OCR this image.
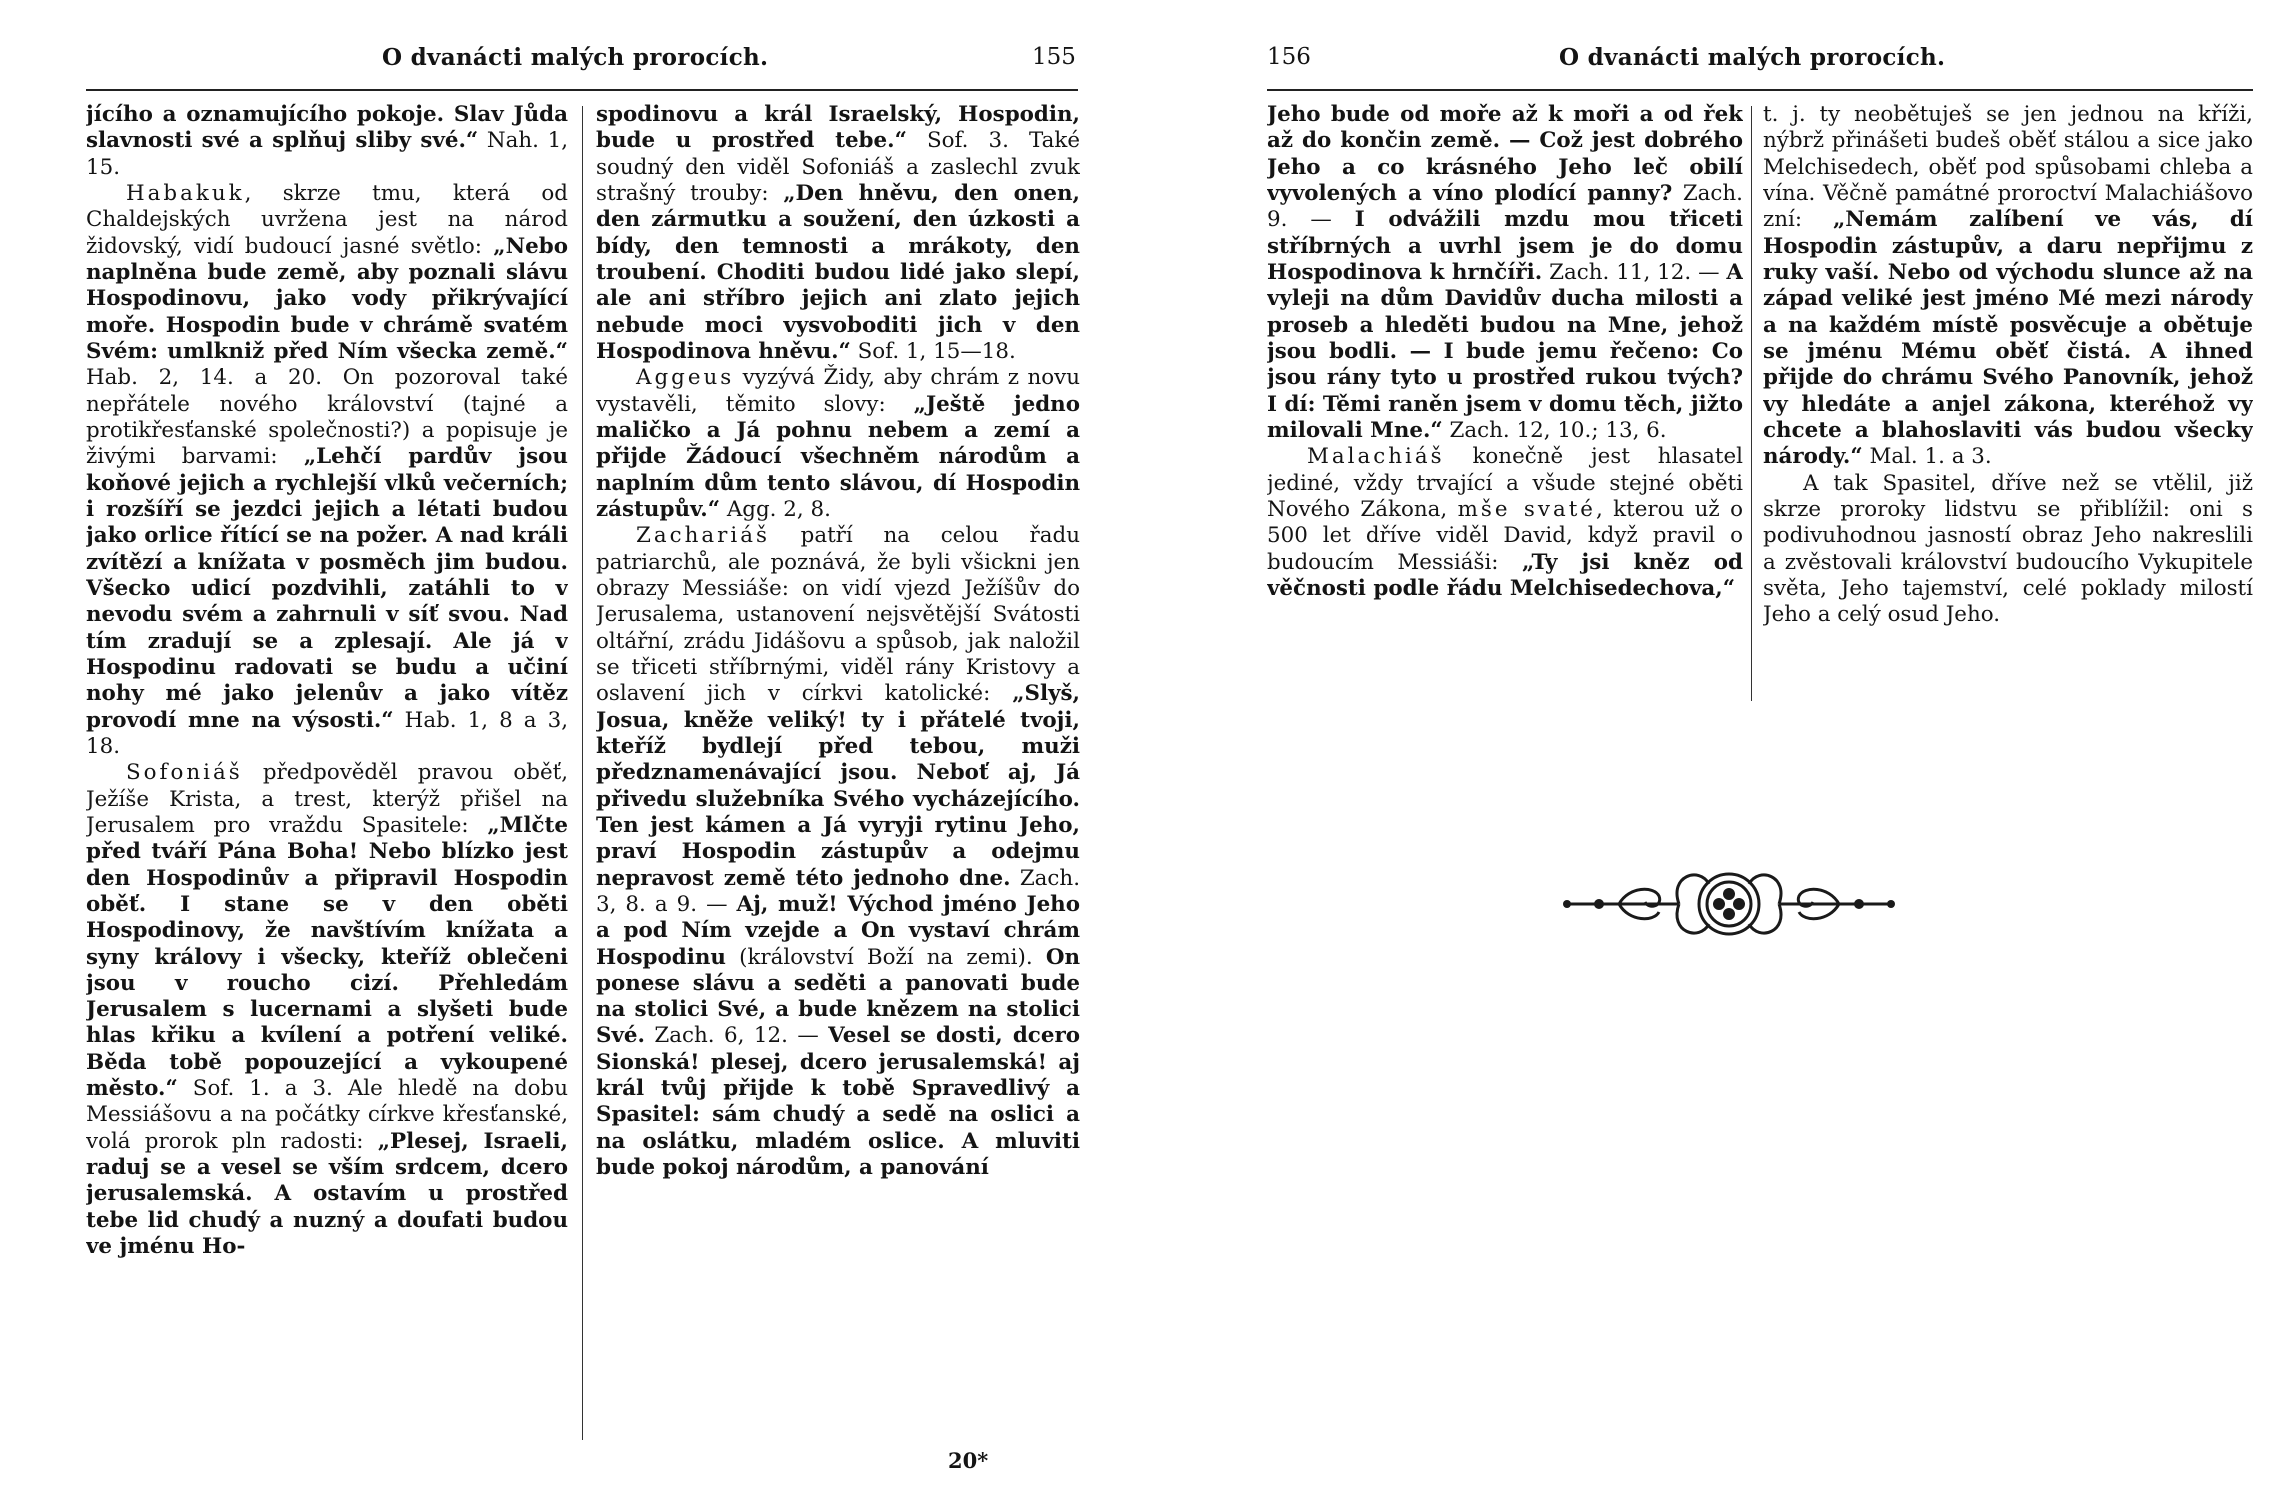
O dvanácti malých prorocích.	155

jícího a oznamujícího pokoje. Slav Jůda slavnosti své a splňuj sliby své.“ Nah. 1, 15.

Habakuk, skrze tmu, která od Chaldejských uvržena jest na národ židovský, vidí budoucí jasné světlo: „Nebo naplněna bude země, aby poznali slávu Hospodinovu, jako vody přikrývající moře. Hospodin bude v chrámě svatém Svém: umlkniž před Ním všecka země.“ Hab. 2, 14. a 20. On pozoroval také nepřátele nového království (tajné a protikřesťanské společnosti?) a popisuje je živými barvami: „Lehčí pardův jsou koňové jejich a rychlejší vlků večerních; i rozšíří se jezdci jejich a létati budou jako orlice řítící se na požer. A nad králi zvítězí a knížata v posměch jim budou. Všecko udicí pozdvihli, zatáhli to v nevodu svém a zahrnuli v síť svou. Nad tím zradují se a zplesají. Ale já v Hospodinu radovati se budu a učiní nohy mé jako jelenův a jako vítěz provodí mne na výsosti.“ Hab. 1, 8 a 3, 18.

Sofoniáš předpověděl pravou oběť, Ježíše Krista, a trest, kterýž přišel na Jerusalem pro vraždu Spasitele: „Mlčte před tváří Pána Boha! Nebo blízko jest den Hospodinův a připravil Hospodin oběť. I stane se v den oběti Hospodinovy, že navštívím knížata a syny královy i všecky, kteříž oblečeni jsou v roucho cizí. Přehledám Jerusalem s lucernami a slyšeti bude hlas křiku a kvílení a potření veliké. Běda tobě popouzející a vykoupené město.“ Sof. 1. a 3. Ale hledě na dobu Messiášovu a na počátky církve křesťanské, volá prorok pln radosti: „Plesej, Israeli, raduj se a vesel se vším srdcem, dcero jerusalemská. A ostavím u prostřed tebe lid chudý a nuzný a doufati budou ve jménu Ho-

spodinovu a král Israelský, Hospodin, bude u prostřed tebe.“ Sof. 3. Také soudný den viděl Sofoniáš a zaslechl zvuk strašný trouby: „Den hněvu, den onen, den zármutku a soužení, den úzkosti a bídy, den temnosti a mrákoty, den troubení. Choditi budou lidé jako slepí, ale ani stříbro jejich ani zlato jejich nebude moci vysvoboditi jich v den Hospodinova hněvu.“ Sof. 1, 15—18.

Aggeus vyzývá Židy, aby chrám z novu vystavěli, těmito slovy: „Ještě jedno maličko a Já pohnu nebem a zemí a přijde Žádoucí všechněm národům a naplním dům tento slávou, dí Hospodin zástupův.“ Agg. 2, 8.

Zachariáš patří na celou řadu patriarchů, ale poznává, že byli všickni jen obrazy Messiáše: on vidí vjezd Ježíšův do Jerusalema, ustanovení nejsvětější Svátosti oltářní, zrádu Jidášovu a spůsob, jak naložil se třiceti stříbrnými, viděl rány Kristovy a oslavení jich v církvi katolické: „Slyš, Josua, kněže veliký! ty i přátelé tvoji, kteříž bydlejí před tebou, muži předznamenávající jsou. Neboť aj, Já přivedu služebníka Svého vycházejícího. Ten jest kámen a Já vyryji rytinu Jeho, praví Hospodin zástupův a odejmu nepravost země této jednoho dne. Zach. 3, 8. a 9. — Aj, muž! Východ jméno Jeho a pod Ním vzejde a On vystaví chrám Hospodinu (království Boží na zemi). On ponese slávu a seděti a panovati bude na stolici Své, a bude knězem na stolici Své. Zach. 6, 12. — Vesel se dosti, dcero Sionská! plesej, dcero jerusalemská! aj král tvůj přijde k tobě Spravedlivý a Spasitel: sám chudý a sedě na oslici a na oslátku, mladém oslice. A mluviti bude pokoj národům, a panování

20*
156	O dvanácti malých prorocích.

Jeho bude od moře až k moři a od řek až do končin země. — Což jest dobrého Jeho a co krásného Jeho leč obilí vyvolených a víno plodící panny? Zach. 9. — I odvážili mzdu mou třiceti stříbrných a uvrhl jsem je do domu Hospodinova k hrnčíři. Zach. 11, 12. — A vyleji na dům Davidův ducha milosti a proseb a hleděti budou na Mne, jehož jsou bodli. — I bude jemu řečeno: Co jsou rány tyto u prostřed rukou tvých? I dí: Těmi raněn jsem v domu těch, jižto milovali Mne.“ Zach. 12, 10.; 13, 6.

Malachiáš konečně jest hlasatel jediné, vždy trvající a všude stejné oběti Nového Zákona, mše svaté, kterou už o 500 let dříve viděl David, když pravil o budoucím Messiáši: „Ty jsi kněz od věčnosti podle řádu Melchisedechova,“

t. j. ty neobětuješ se jen jednou na kříži, nýbrž přinášeti budeš oběť stálou a sice jako Melchisedech, oběť pod spůsobami chleba a vína. Věčně památné proroctví Malachiášovo zní: „Nemám zalíbení ve vás, dí Hospodin zástupův, a daru nepřijmu z ruky vaší. Nebo od východu slunce až na západ veliké jest jméno Mé mezi národy a na každém místě posvěcuje a obětuje se jménu Mému oběť čistá. A ihned přijde do chrámu Svého Panovník, jehož vy hledáte a anjel zákona, kteréhož vy chcete a blahoslaviti vás budou všecky národy.“ Mal. 1. a 3.

A tak Spasitel, dříve než se vtělil, již skrze proroky lidstvu se přiblížil: oni s podivuhodnou jasností obraz Jeho nakreslili a zvěstovali království budoucího Vykupitele světa, Jeho tajemství, celé poklady milostí Jeho a celý osud Jeho.
